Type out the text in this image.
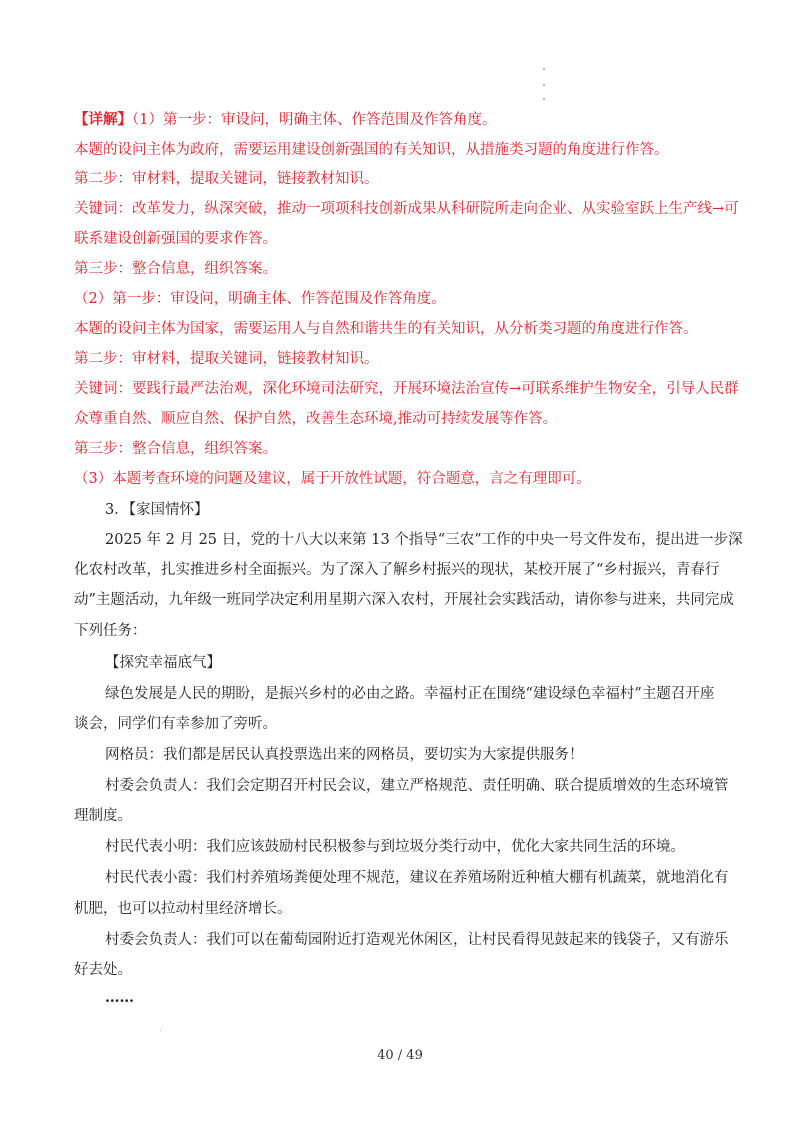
【详解】（1）第一步：审设问，明确主体、作答范围及作答角度。
本题的设问主体为政府，需要运用建设创新强国的有关知识，从措施类习题的角度进行作答。
第二步：审材料，提取关键词，链接教材知识。
关键词：改革发力，纵深突破，推动一项项科技创新成果从科研院所走向企业、从实验室跃上生产线→可
联系建设创新强国的要求作答。
第三步：整合信息，组织答案。
（2）第一步：审设问，明确主体、作答范围及作答角度。
本题的设问主体为国家，需要运用人与自然和谐共生的有关知识，从分析类习题的角度进行作答。
第二步：审材料，提取关键词，链接教材知识。
关键词：要践行最严法治观，深化环境司法研究，开展环境法治宣传→可联系维护生物安全，引导人民群
众尊重自然、顺应自然、保护自然，改善生态环境,推动可持续发展等作答。
第三步：整合信息，组织答案。
（3）本题考查环境的问题及建议，属于开放性试题，符合题意，言之有理即可。
3．【家国情怀】
2025 年 2 月 25 日，党的十八大以来第 13 个指导“三农”工作的中央一号文件发布，提出进一步深
化农村改革，扎实推进乡村全面振兴。为了深入了解乡村振兴的现状，某校开展了“乡村振兴，青春行
动”主题活动，九年级一班同学决定利用星期六深入农村，开展社会实践活动，请你参与进来，共同完成
下列任务：
【探究幸福底气】
绿色发展是人民的期盼，是振兴乡村的必由之路。幸福村正在围绕“建设绿色幸福村”主题召开座
谈会，同学们有幸参加了旁听。
网格员：我们都是居民认真投票选出来的网格员，要切实为大家提供服务！
村委会负责人：我们会定期召开村民会议，建立严格规范、责任明确、联合提质增效的生态环境管
理制度。
村民代表小明：我们应该鼓励村民积极参与到垃圾分类行动中，优化大家共同生活的环境。
村民代表小霞：我们村养殖场粪便处理不规范，建议在养殖场附近种植大棚有机蔬菜，就地消化有
机肥，也可以拉动村里经济增长。
村委会负责人：我们可以在葡萄园附近打造观光休闲区，让村民看得见鼓起来的钱袋子，又有游乐
好去处。
……
40 / 49
